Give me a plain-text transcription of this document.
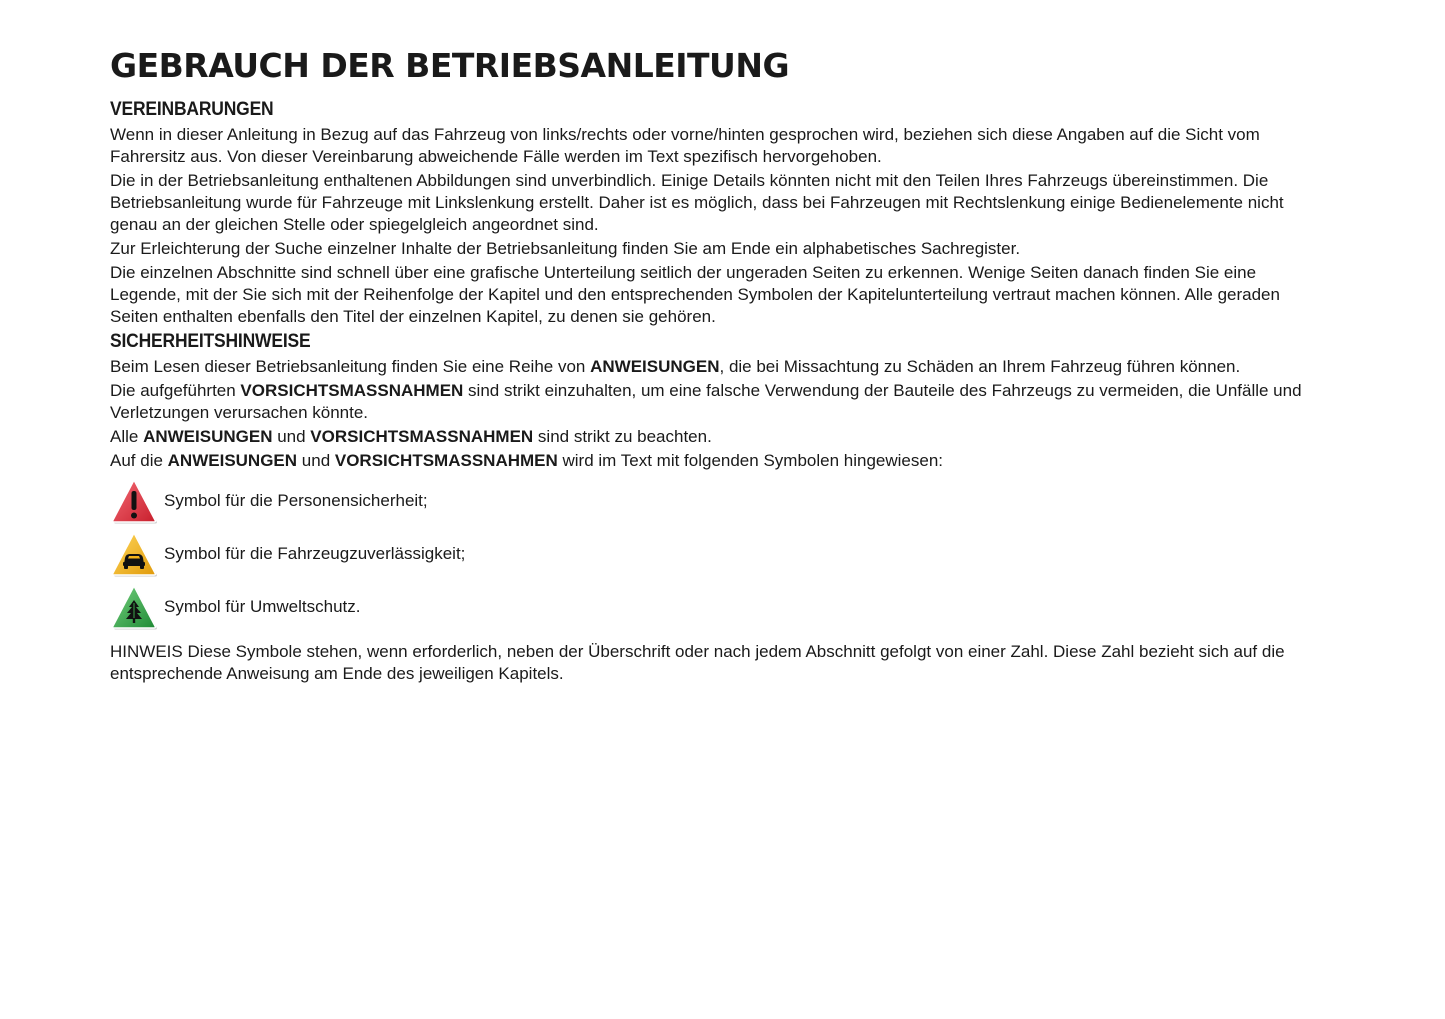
GEBRAUCH DER BETRIEBSANLEITUNG
VEREINBARUNGEN

Wenn in dieser Anleitung in Bezug auf das Fahrzeug von links/rechts oder vorne/hinten gesprochen wird, beziehen sich diese Angaben auf die Sicht vom Fahrersitz aus. Von dieser Vereinbarung abweichende Fälle werden im Text spezifisch hervorgehoben.

Die in der Betriebsanleitung enthaltenen Abbildungen sind unverbindlich. Einige Details könnten nicht mit den Teilen Ihres Fahrzeugs übereinstimmen. Die Betriebsanleitung wurde für Fahrzeuge mit Linkslenkung erstellt. Daher ist es möglich, dass bei Fahrzeugen mit Rechtslenkung einige Bedienelemente nicht genau an der gleichen Stelle oder spiegelgleich angeordnet sind.

Zur Erleichterung der Suche einzelner Inhalte der Betriebsanleitung finden Sie am Ende ein alphabetisches Sachregister.

Die einzelnen Abschnitte sind schnell über eine grafische Unterteilung seitlich der ungeraden Seiten zu erkennen. Wenige Seiten danach finden Sie eine Legende, mit der Sie sich mit der Reihenfolge der Kapitel und den entsprechenden Symbolen der Kapitelunterteilung vertraut machen können. Alle geraden Seiten enthalten ebenfalls den Titel der einzelnen Kapitel, zu denen sie gehören.

SICHERHEITSHINWEISE

Beim Lesen dieser Betriebsanleitung finden Sie eine Reihe von ANWEISUNGEN, die bei Missachtung zu Schäden an Ihrem Fahrzeug führen können.

Die aufgeführten VORSICHTSMASSNAHMEN sind strikt einzuhalten, um eine falsche Verwendung der Bauteile des Fahrzeugs zu vermeiden, die Unfälle und Verletzungen verursachen könnte.

Alle ANWEISUNGEN und VORSICHTSMASSNAHMEN sind strikt zu beachten.

Auf die ANWEISUNGEN und VORSICHTSMASSNAHMEN wird im Text mit folgenden Symbolen hingewiesen:

Symbol für die Personensicherheit;
Symbol für die Fahrzeugzuverlässigkeit;
Symbol für Umweltschutz.

HINWEIS Diese Symbole stehen, wenn erforderlich, neben der Überschrift oder nach jedem Abschnitt gefolgt von einer Zahl. Diese Zahl bezieht sich auf die entsprechende Anweisung am Ende des jeweiligen Kapitels.
